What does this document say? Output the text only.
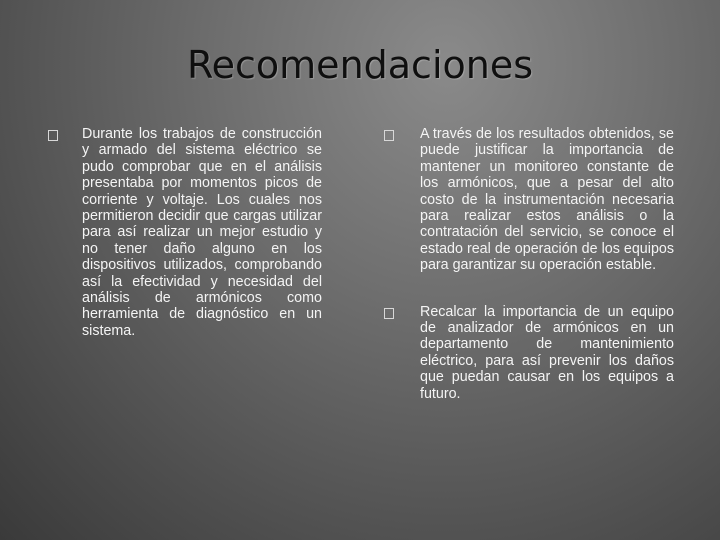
Recomendaciones
Durante los trabajos de construcción y armado del sistema eléctrico se pudo comprobar que en el análisis presentaba por momentos picos de corriente y voltaje. Los cuales nos permitieron decidir que cargas utilizar para así realizar un mejor estudio y no tener daño alguno en los dispositivos utilizados, comprobando así la efectividad y necesidad del análisis de armónicos como herramienta de diagnóstico en un sistema.
A través de los resultados obtenidos, se puede justificar la importancia de mantener un monitoreo constante de los armónicos, que a pesar del alto costo de la instrumentación necesaria para realizar estos análisis o la contratación del servicio, se conoce el estado real de operación de los equipos para garantizar su operación estable.
Recalcar la importancia de un equipo de analizador de armónicos en un departamento de mantenimiento eléctrico, para así prevenir los daños que puedan causar en los equipos a futuro.
